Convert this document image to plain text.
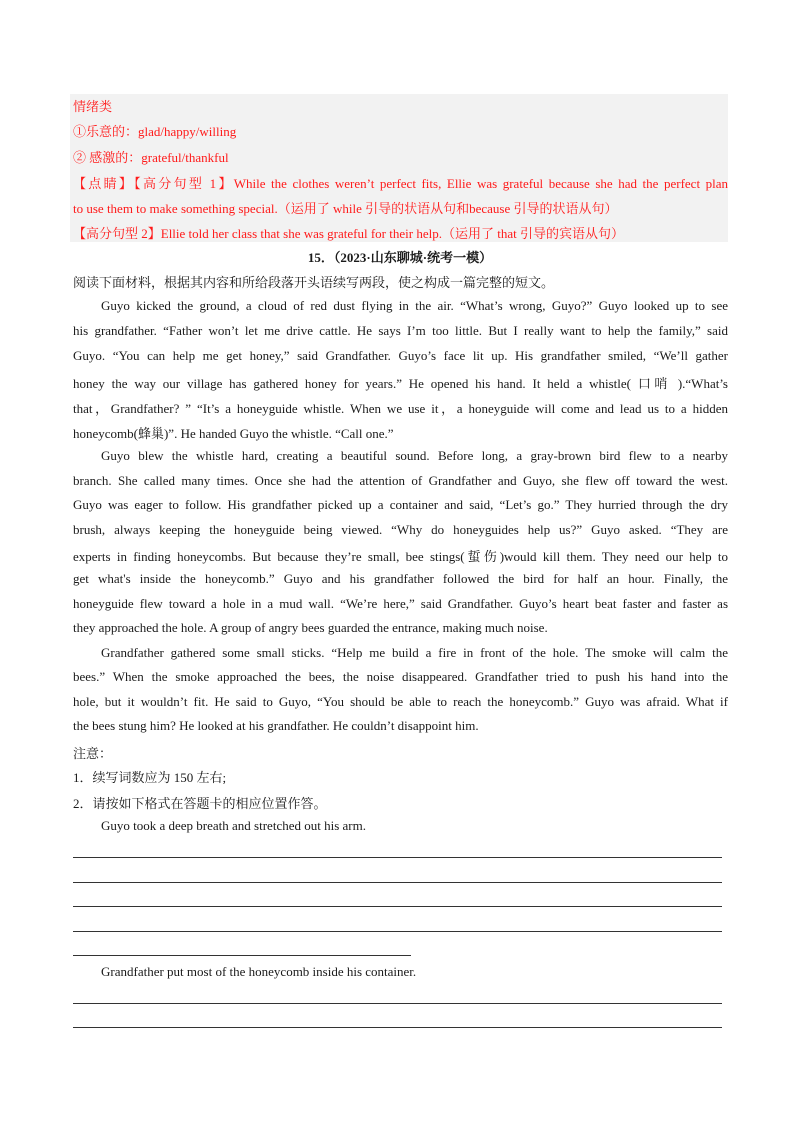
情绪类
①乐意的：glad/happy/willing
② 感激的：grateful/thankful
【点睛】【高分句型 1】While the clothes weren’t perfect fits, Ellie was grateful because she had the perfect plan
to use them to make something special.（运用了 while 引导的状语从句和because 引导的状语从句）
【高分句型 2】Ellie told her class that she was grateful for their help.（运用了 that 引导的宾语从句）
15．（2023·山东聊城·统考一模）
阅读下面材料，根据其内容和所给段落开头语续写两段，使之构成一篇完整的短文。
Guyo kicked the ground, a cloud of red dust flying in the air. “What’s wrong, Guyo?” Guyo looked up to see
his grandfather. “Father won’t let me drive cattle. He says I’m too little. But I really want to help the family,” said
Guyo. “You can help me get honey,” said Grandfather. Guyo’s face lit up. His grandfather smiled, “We’ll gather
honey the way our village has gathered honey for years.” He opened his hand. It held a whistle( 口哨 ).“What’s
that，Grandfather? ” “It’s a honeyguide whistle. When we use it，a honeyguide will come and lead us to a hidden
honeycomb(蜂巢)”. He handed Guyo the whistle. “Call one.”
Guyo blew the whistle hard, creating a beautiful sound. Before long, a gray-brown bird flew to a nearby
branch. She called many times. Once she had the attention of Grandfather and Guyo, she flew off toward the west.
Guyo was eager to follow. His grandfather picked up a container and said, “Let’s go.” They hurried through the dry
brush, always keeping the honeyguide being viewed. “Why do honeyguides help us?” Guyo asked. “They are
experts in finding honeycombs. But because they’re small, bee stings(蜇伤)would kill them. They need our help to
get what's inside the honeycomb.” Guyo and his grandfather followed the bird for half an hour. Finally, the
honeyguide flew toward a hole in a mud wall. “We’re here,” said Grandfather. Guyo’s heart beat faster and faster as
they approached the hole. A group of angry bees guarded the entrance, making much noise.
Grandfather gathered some small sticks. “Help me build a fire in front of the hole. The smoke will calm the
bees.” When the smoke approached the bees, the noise disappeared. Grandfather tried to push his hand into the
hole, but it wouldn’t fit. He said to Guyo, “You should be able to reach the honeycomb.” Guyo was afraid. What if
the bees stung him? He looked at his grandfather. He couldn’t disappoint him.
注意：
1．续写词数应为 150 左右;
2．请按如下格式在答题卡的相应位置作答。
Guyo took a deep breath and stretched out his arm.
Grandfather put most of the honeycomb inside his container.
